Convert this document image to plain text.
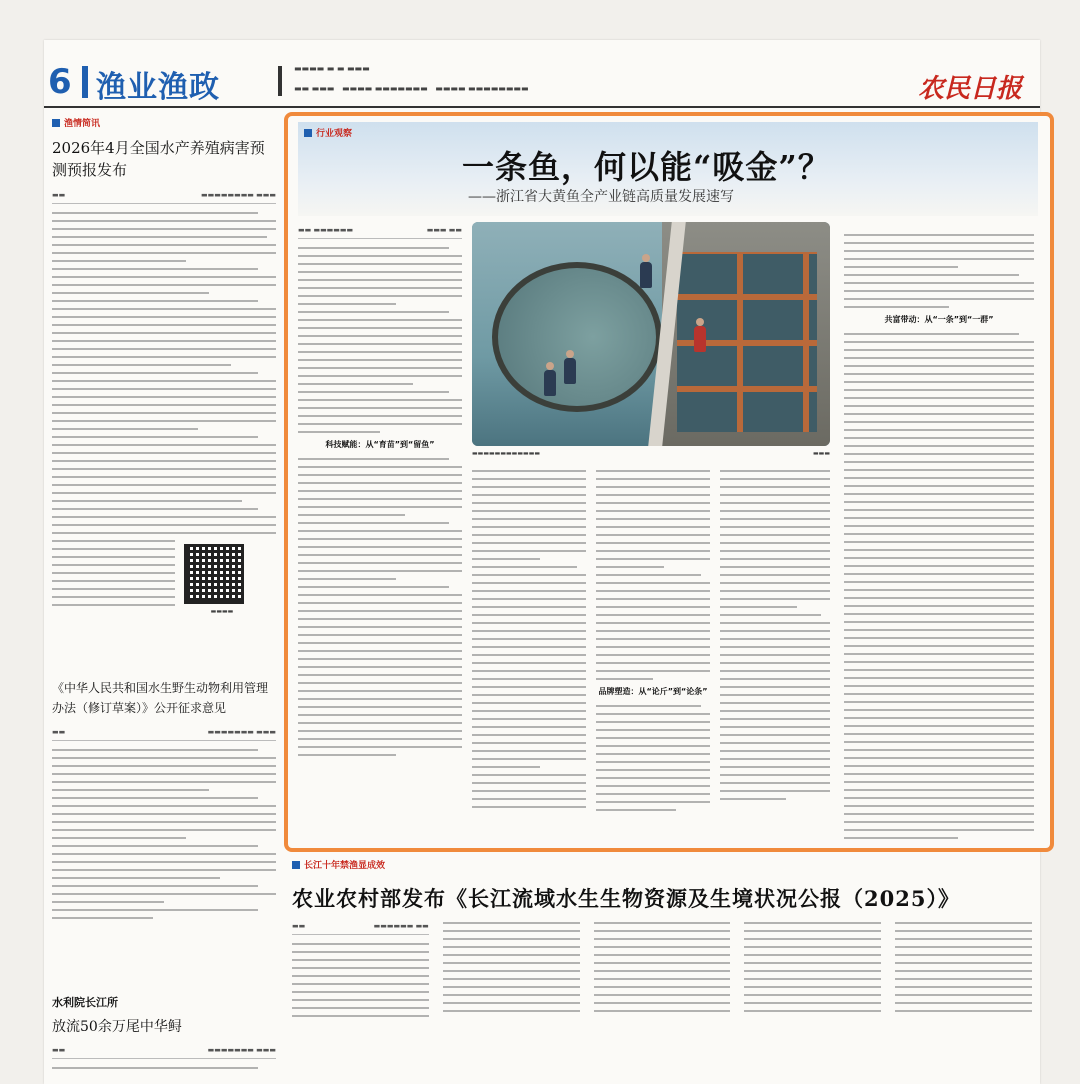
6 渔业渔政
▬▬▬▬ ▬ ▬ ▬▬▬
▬▬ ▬▬▬   ▬▬▬▬ ▬▬▬▬▬▬▬   ▬▬▬▬ ▬▬▬▬▬▬▬▬	农民日报
渔情简讯
2026年4月全国水产养殖病害预测预报发布
▬▬	▬▬▬▬▬▬▬▬ ▬▬▬
▬▬▬▬
《中华人民共和国水生野生动物利用管理办法（修订草案）》公开征求意见
▬▬	▬▬▬▬▬▬▬ ▬▬▬
水利院长江所
放流50余万尾中华鲟
▬▬	▬▬▬▬▬▬▬ ▬▬▬
行业观察
一条鱼，何以能“吸金”？
——浙江省大黄鱼全产业链高质量发展速写
▬▬ ▬▬▬▬▬▬	▬▬▬ ▬▬
科技赋能：从“育苗”到“留鱼”
▬▬▬▬▬▬▬▬▬▬▬▬	▬▬▬
品牌塑造：从“论斤”到“论条”
共富带动：从“一条”到“一群”
长江十年禁渔显成效
农业农村部发布《长江流域水生生物资源及生境状况公报（2025）》
▬▬	▬▬▬▬▬▬ ▬▬
